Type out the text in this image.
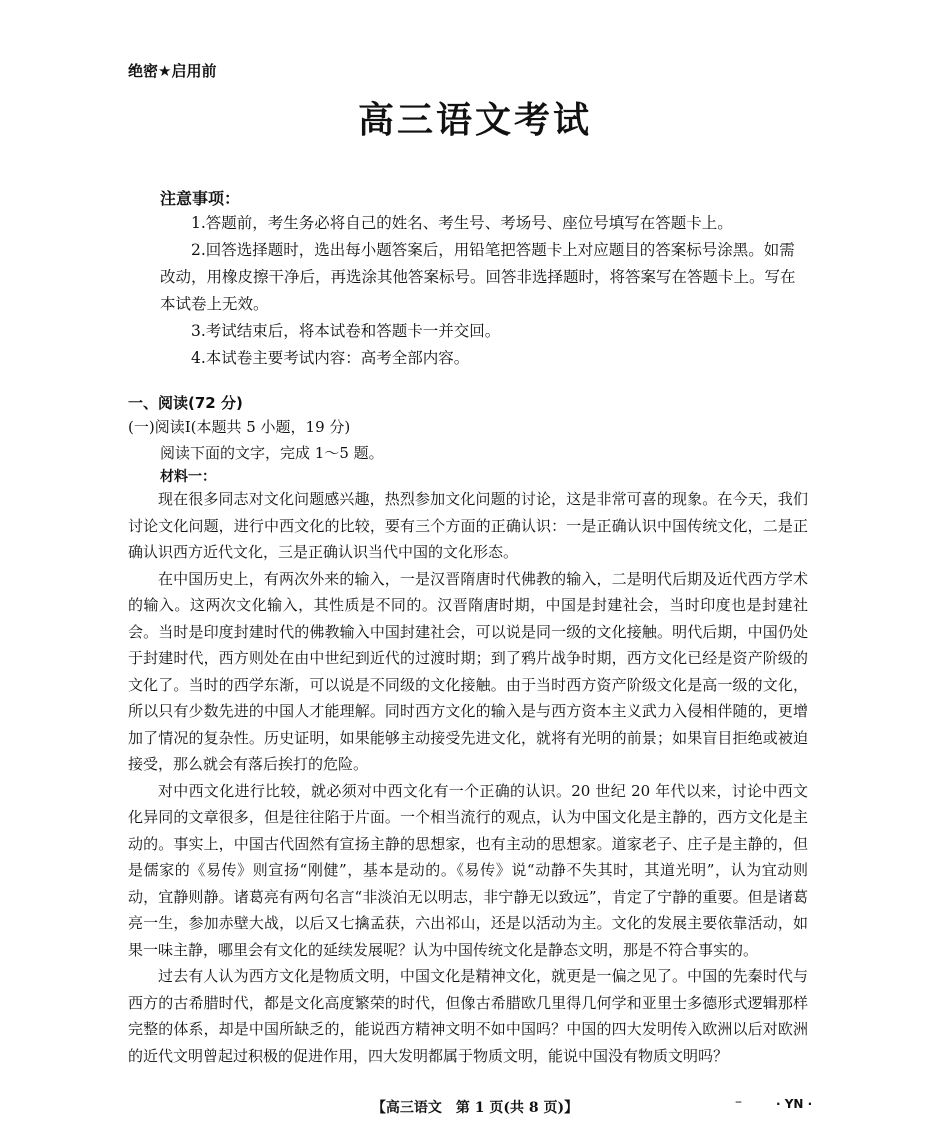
绝密★启用前
高三语文考试
注意事项：

1.答题前，考生务必将自己的姓名、考生号、考场号、座位号填写在答题卡上。

2.回答选择题时，选出每小题答案后，用铅笔把答题卡上对应题目的答案标号涂黑。如需改动，用橡皮擦干净后，再选涂其他答案标号。回答非选择题时，将答案写在答题卡上。写在本试卷上无效。

3.考试结束后，将本试卷和答题卡一并交回。

4.本试卷主要考试内容：高考全部内容。

一、阅读(72 分)
(一)阅读Ⅰ(本题共 5 小题，19 分)
阅读下面的文字，完成 1～5 题。
材料一：

现在很多同志对文化问题感兴趣，热烈参加文化问题的讨论，这是非常可喜的现象。在今天，我们讨论文化问题，进行中西文化的比较，要有三个方面的正确认识：一是正确认识中国传统文化，二是正确认识西方近代文化，三是正确认识当代中国的文化形态。

在中国历史上，有两次外来的输入，一是汉晋隋唐时代佛教的输入，二是明代后期及近代西方学术的输入。这两次文化输入，其性质是不同的。汉晋隋唐时期，中国是封建社会，当时印度也是封建社会。当时是印度封建时代的佛教输入中国封建社会，可以说是同一级的文化接触。明代后期，中国仍处于封建时代，西方则处在由中世纪到近代的过渡时期；到了鸦片战争时期，西方文化已经是资产阶级的文化了。当时的西学东渐，可以说是不同级的文化接触。由于当时西方资产阶级文化是高一级的文化，所以只有少数先进的中国人才能理解。同时西方文化的输入是与西方资本主义武力入侵相伴随的，更增加了情况的复杂性。历史证明，如果能够主动接受先进文化，就将有光明的前景；如果盲目拒绝或被迫接受，那么就会有落后挨打的危险。

对中西文化进行比较，就必须对中西文化有一个正确的认识。20 世纪 20 年代以来，讨论中西文化异同的文章很多，但是往往陷于片面。一个相当流行的观点，认为中国文化是主静的，西方文化是主动的。事实上，中国古代固然有宣扬主静的思想家，也有主动的思想家。道家老子、庄子是主静的，但是儒家的《易传》则宣扬“刚健”，基本是动的。《易传》说“动静不失其时，其道光明”，认为宜动则动，宜静则静。诸葛亮有两句名言“非淡泊无以明志，非宁静无以致远”，肯定了宁静的重要。但是诸葛亮一生，参加赤壁大战，以后又七擒孟获，六出祁山，还是以活动为主。文化的发展主要依靠活动，如果一味主静，哪里会有文化的延续发展呢？认为中国传统文化是静态文明，那是不符合事实的。

过去有人认为西方文化是物质文明，中国文化是精神文化，就更是一偏之见了。中国的先秦时代与西方的古希腊时代，都是文化高度繁荣的时代，但像古希腊欧几里得几何学和亚里士多德形式逻辑那样完整的体系，却是中国所缺乏的，能说西方精神文明不如中国吗？中国的四大发明传入欧洲以后对欧洲的近代文明曾起过积极的促进作用，四大发明都属于物质文明，能说中国没有物质文明吗？

【高三语文　第 1 页(共 8 页)】	–	· YN ·
